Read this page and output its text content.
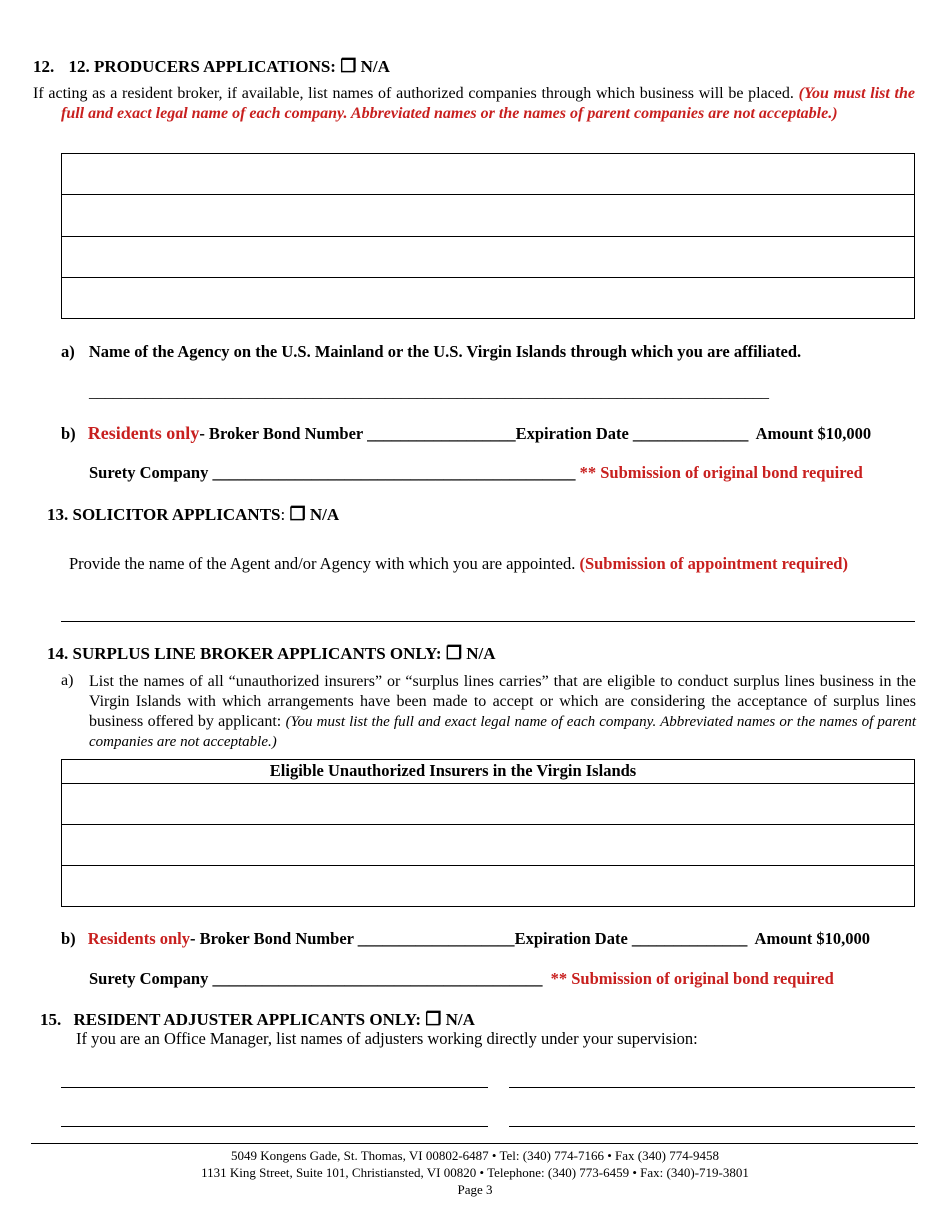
12. 12. PRODUCERS APPLICATIONS: ❐ N/A
If acting as a resident broker, if available, list names of authorized companies through which business will be placed. (You must list the full and exact legal name of each company. Abbreviated names or the names of parent companies are not acceptable.)
a) Name of the Agency on the U.S. Mainland or the U.S. Virgin Islands through which you are affiliated.
_____________________________________________________________________________________
b) Residents only- Broker Bond Number __________________Expiration Date ______________ Amount $10,000
Surety Company ____________________________________________ ** Submission of original bond required
13. SOLICITOR APPLICANTS: ❐ N/A
Provide the name of the Agent and/or Agency with which you are appointed. (Submission of appointment required)
14. SURPLUS LINE BROKER APPLICANTS ONLY: ❐ N/A
a) List the names of all “unauthorized insurers” or “surplus lines carries” that are eligible to conduct surplus lines business in the Virgin Islands with which arrangements have been made to accept or which are considering the acceptance of surplus lines business offered by applicant: (You must list the full and exact legal name of each company. Abbreviated names or the names of parent companies are not acceptable.)
Eligible Unauthorized Insurers in the Virgin Islands
b) Residents only- Broker Bond Number ___________________Expiration Date ______________ Amount $10,000
Surety Company ________________________________________ ** Submission of original bond required
15. RESIDENT ADJUSTER APPLICANTS ONLY: ❐ N/A
If you are an Office Manager, list names of adjusters working directly under your supervision:
5049 Kongens Gade, St. Thomas, VI 00802-6487 • Tel: (340) 774-7166 • Fax (340) 774-9458
1131 King Street, Suite 101, Christiansted, VI 00820 • Telephone: (340) 773-6459 • Fax: (340)-719-3801
Page 3
